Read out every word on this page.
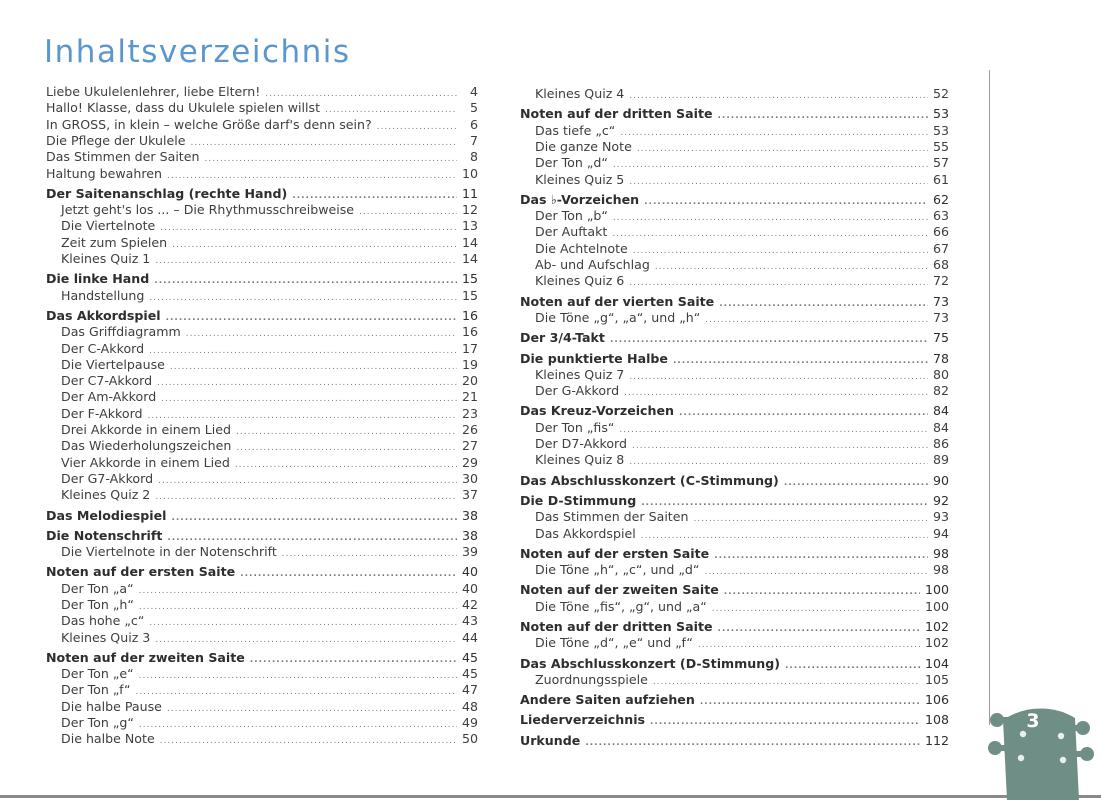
Inhaltsverzeichnis
Liebe Ukulelenlehrer, liebe Eltern! .....	4
Hallo! Klasse, dass du Ukulele spielen willst .....	5
In GROSS, in klein – welche Größe darf's denn sein? .....	6
Die Pflege der Ukulele .....	7
Das Stimmen der Saiten .....	8
Haltung bewahren .....	10
Der Saitenanschlag (rechte Hand) .....	11
Jetzt geht's los ... – Die Rhythmusschreibweise .....	12
Die Viertelnote .....	13
Zeit zum Spielen .....	14
Kleines Quiz 1 .....	14
Die linke Hand .....	15
Handstellung .....	15
Das Akkordspiel .....	16
Das Griffdiagramm .....	16
Der C-Akkord .....	17
Die Viertelpause .....	19
Der C7-Akkord .....	20
Der Am-Akkord .....	21
Der F-Akkord .....	23
Drei Akkorde in einem Lied .....	26
Das Wiederholungszeichen .....	27
Vier Akkorde in einem Lied .....	29
Der G7-Akkord .....	30
Kleines Quiz 2 .....	37
Das Melodiespiel .....	38
Die Notenschrift .....	38
Die Viertelnote in der Notenschrift .....	39
Noten auf der ersten Saite .....	40
Der Ton „a“ .....	40
Der Ton „h“ .....	42
Das hohe „c“ .....	43
Kleines Quiz 3 .....	44
Noten auf der zweiten Saite .....	45
Der Ton „e“ .....	45
Der Ton „f“ .....	47
Die halbe Pause .....	48
Der Ton „g“ .....	49
Die halbe Note .....	50
Kleines Quiz 4 .....	52
Noten auf der dritten Saite .....	53
Das tiefe „c“ .....	53
Die ganze Note .....	55
Der Ton „d“ .....	57
Kleines Quiz 5 .....	61
Das ♭-Vorzeichen .....	62
Der Ton „b“ .....	63
Der Auftakt .....	66
Die Achtelnote .....	67
Ab- und Aufschlag .....	68
Kleines Quiz 6 .....	72
Noten auf der vierten Saite .....	73
Die Töne „g“, „a“, und „h“ .....	73
Der 3/4-Takt .....	75
Die punktierte Halbe .....	78
Kleines Quiz 7 .....	80
Der G-Akkord .....	82
Das Kreuz-Vorzeichen .....	84
Der Ton „fis“ .....	84
Der D7-Akkord .....	86
Kleines Quiz 8 .....	89
Das Abschlusskonzert (C-Stimmung) .....	90
Die D-Stimmung .....	92
Das Stimmen der Saiten .....	93
Das Akkordspiel .....	94
Noten auf der ersten Saite .....	98
Die Töne „h“, „c“, und „d“ .....	98
Noten auf der zweiten Saite .....	100
Die Töne „fis“, „g“, und „a“ .....	100
Noten auf der dritten Saite .....	102
Die Töne „d“, „e“ und „f“ .....	102
Das Abschlusskonzert (D-Stimmung) .....	104
Zuordnungsspiele .....	105
Andere Saiten aufziehen .....	106
Liederverzeichnis .....	108
Urkunde .....	112
3
